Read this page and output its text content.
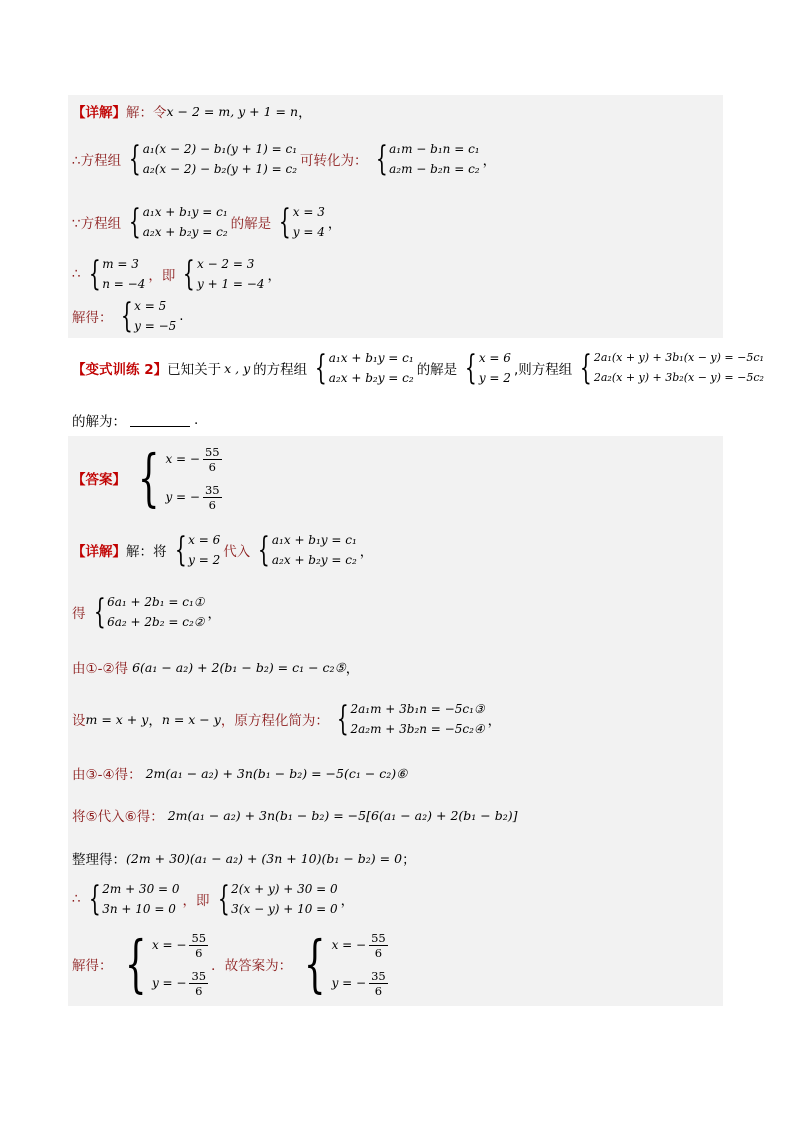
【详解】 解：令 x − 2 = m, y + 1 = n ，
∴方程组 { a₁(x − 2) − b₁(y + 1) = c₁
a₂(x − 2) − b₂(y + 1) = c₂ 可转化为： { a₁m − b₁n = c₁
a₂m − b₂n = c₂ ，
∵方程组 { a₁x + b₁y = c₁
a₂x + b₂y = c₂ 的解是 { x = 3
y = 4 ，
∴ { m = 3
n = −4 ，即 { x − 2 = 3
y + 1 = −4 ，
解得： { x = 5
y = −5
.
【变式训练 2】 已知关于 x , y 的方程组 { a₁x + b₁y = c₁
a₂x + b₂y = c₂ 的解是 { x = 6
y = 2 ,则方程组 { 2a₁(x + y) + 3b₁(x − y) = −5c₁
2a₂(x + y) + 3b₂(x − y) = −5c₂
的解为：	.
【答案】 { x = − $\frac{55}{6}$
y = − $\frac{35}{6}$
【详解】 解：将 { x = 6
y = 2 代入 { a₁x + b₁y = c₁
a₂x + b₂y = c₂ ，
得 { 6a₁ + 2b₁ = c₁①
6a₂ + 2b₂ = c₂② ，
由①-②得 6(a₁ − a₂) + 2(b₁ − b₂) = c₁ − c₂⑤ ，
设 m = x + y ， n = x − y ，原方程化简为： { 2a₁m + 3b₁n = −5c₁③
2a₂m + 3b₂n = −5c₂④ ，
由③-④得： 2m(a₁ − a₂) + 3n(b₁ − b₂) = −5(c₁ − c₂)⑥
将⑤代入⑥得： 2m(a₁ − a₂) + 3n(b₁ − b₂) = −5[6(a₁ − a₂) + 2(b₁ − b₂)]
整理得： (2m + 30)(a₁ − a₂) + (3n + 10)(b₁ − b₂) = 0 ；
∴ { 2m + 30 = 0
3n + 10 = 0 ，即 { 2(x + y) + 30 = 0
3(x − y) + 10 = 0 ，
解得： { x = − $\frac{55}{6}$
y = − $\frac{35}{6}$
．故答案为： { x = − $\frac{55}{6}$
y = − $\frac{35}{6}$
